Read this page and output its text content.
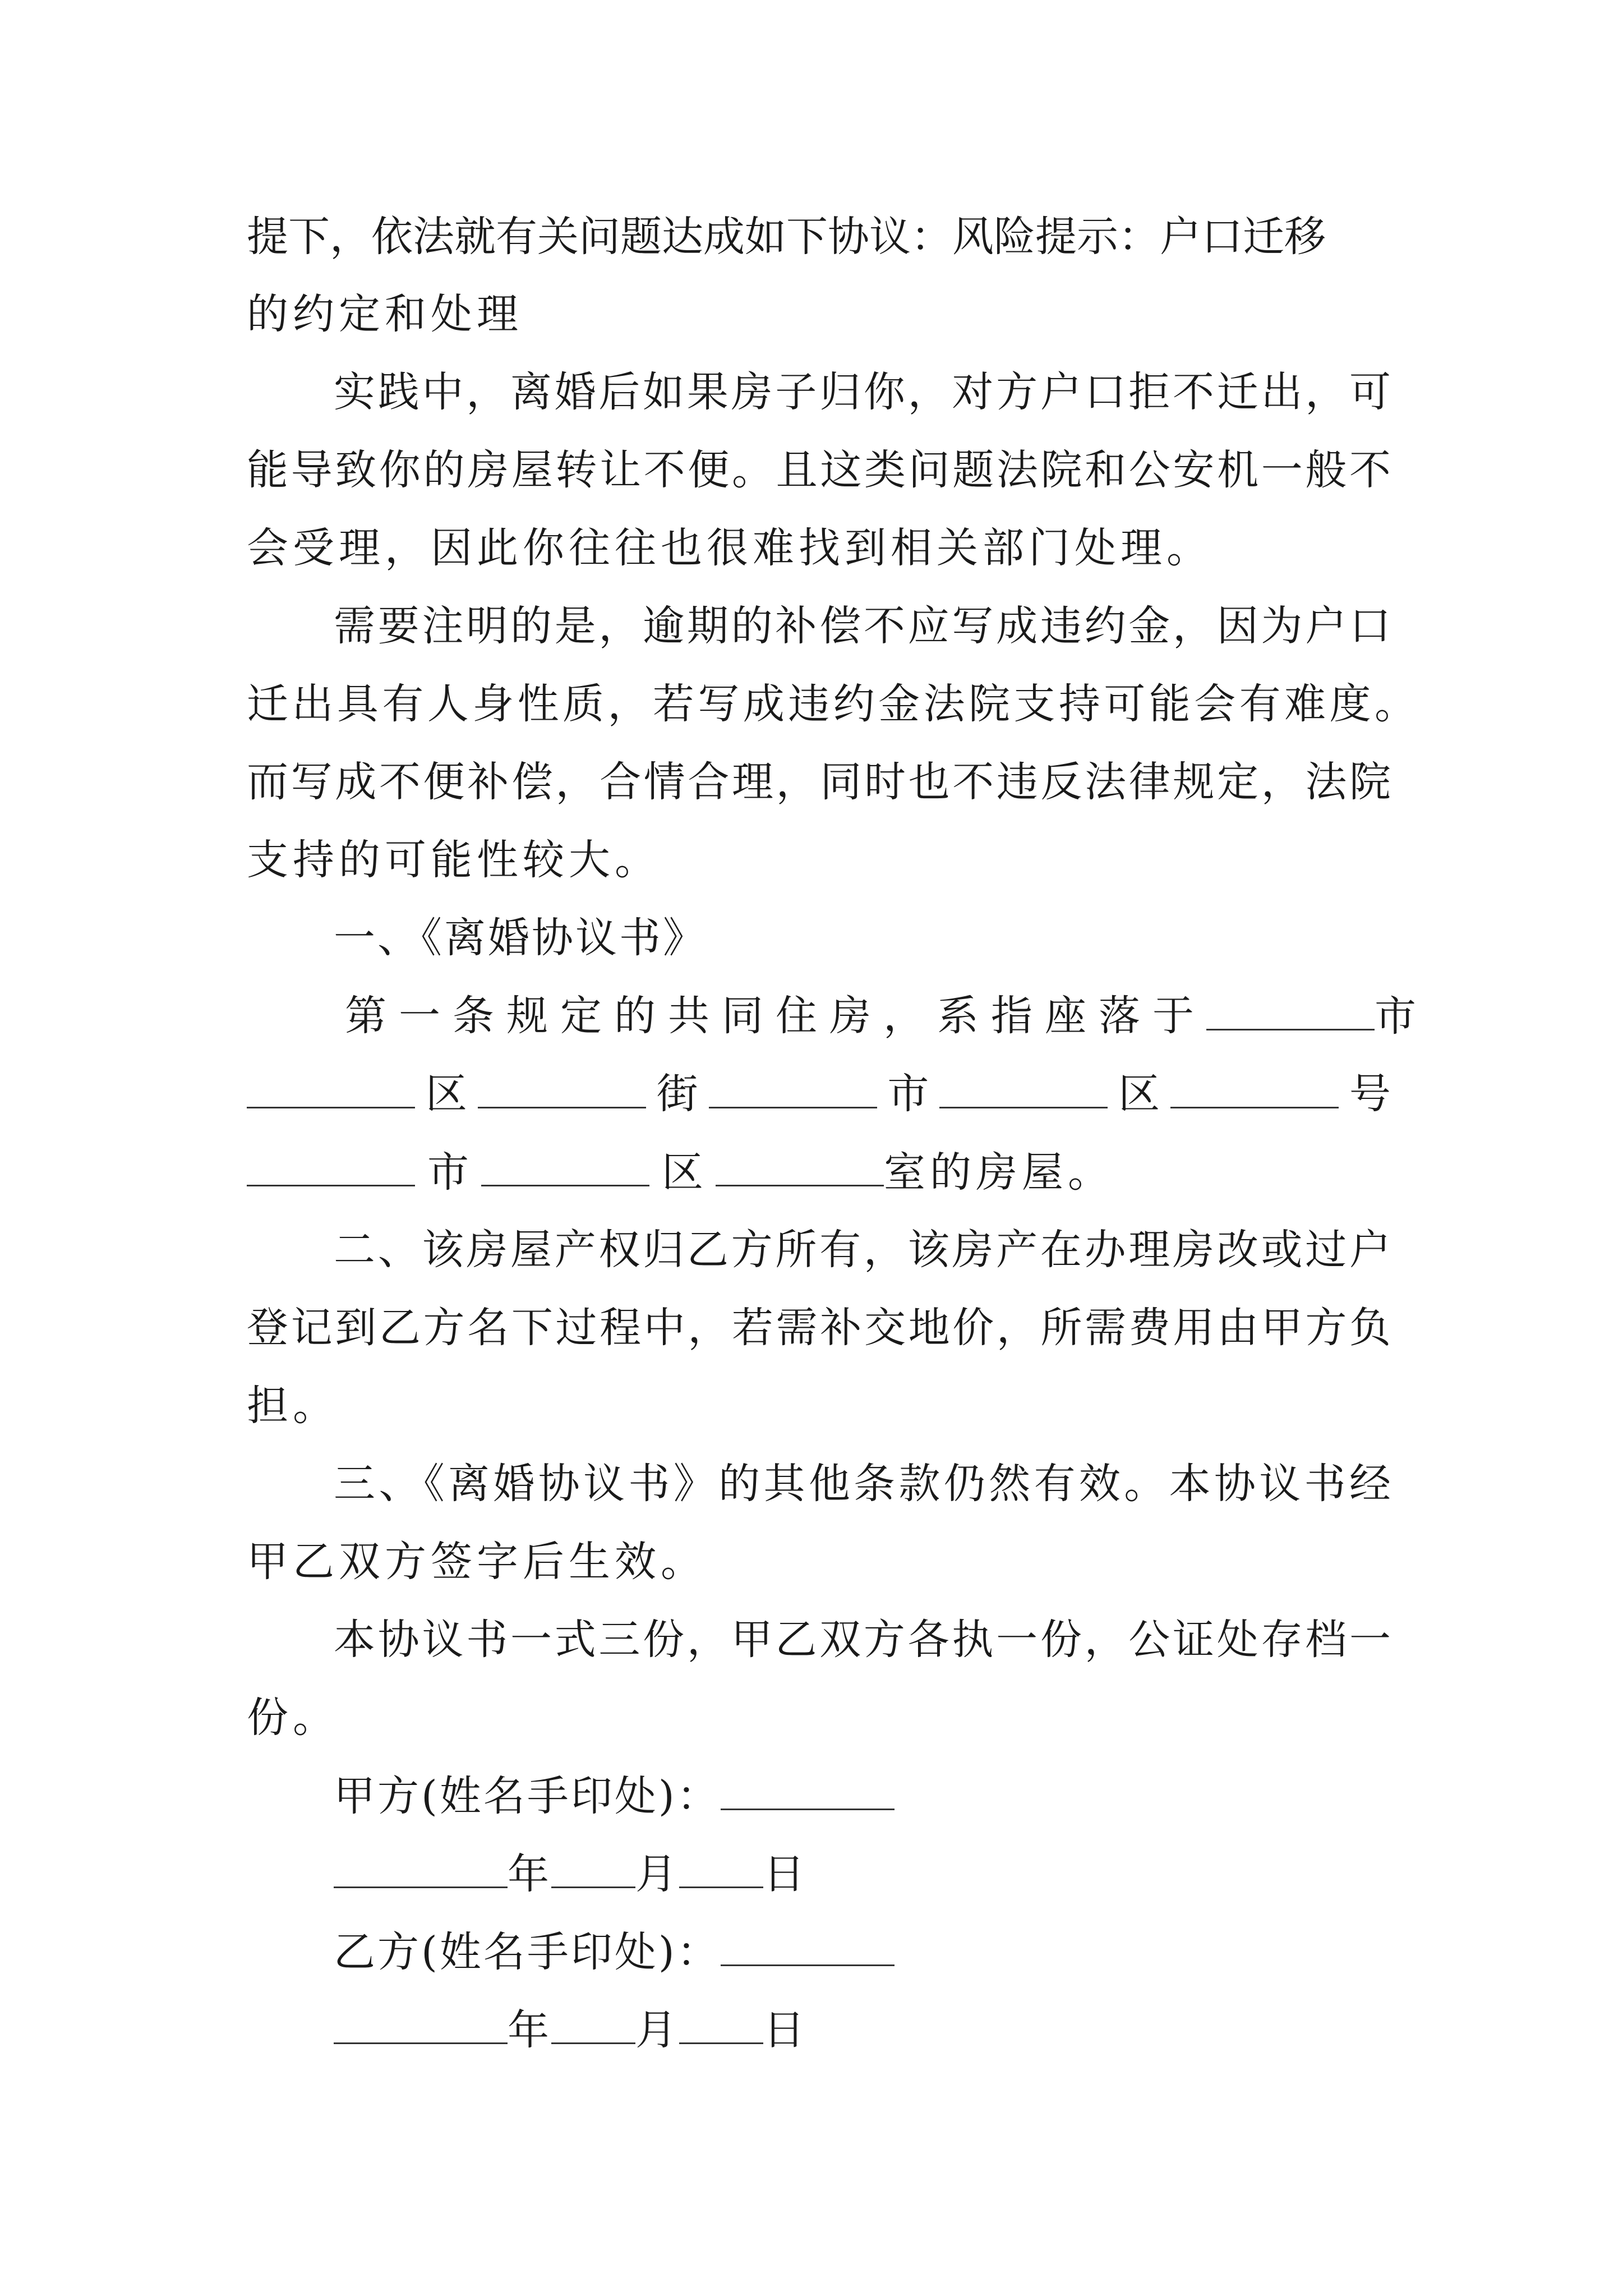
提下，依法就有关问题达成如下协议：风险提示：户口迁移
的约定和处理
实践中，离婚后如果房子归你，对方户口拒不迁出，可
能导致你的房屋转让不便。且这类问题法院和公安机一般不
会受理，因此你往往也很难找到相关部门处理。
需要注明的是，逾期的补偿不应写成违约金，因为户口
迁出具有人身性质，若写成违约金法院支持可能会有难度。
而写成不便补偿，合情合理，同时也不违反法律规定，法院
支持的可能性较大。
一、《离婚协议书》
第一条规定的共同住房，系指座落于	市
区	街	市	区	号
市	区	室的房屋。
二、该房屋产权归乙方所有，该房产在办理房改或过户
登记到乙方名下过程中，若需补交地价，所需费用由甲方负
担。
三、《离婚协议书》的其他条款仍然有效。本协议书经
甲乙双方签字后生效。
本协议书一式三份，甲乙双方各执一份，公证处存档一
份。
甲方(姓名手印处)：
年 月 日
乙方(姓名手印处)：
年 月 日
